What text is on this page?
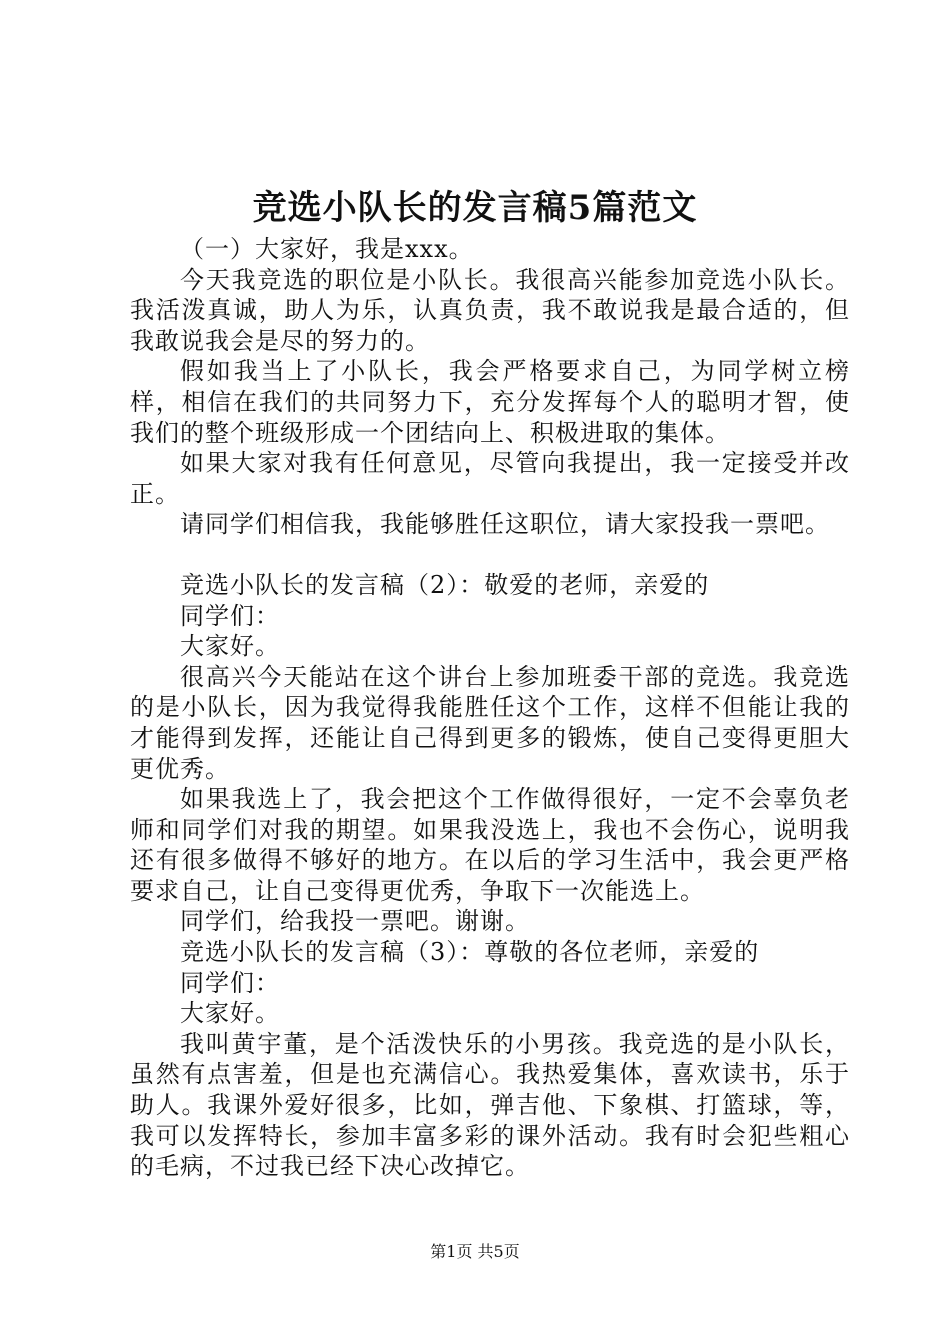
竞选小队长的发言稿5篇范文

（一）大家好，我是xxx。

今天我竞选的职位是小队长。我很高兴能参加竞选小队长。我活泼真诚，助人为乐，认真负责，我不敢说我是最合适的，但我敢说我会是尽的努力的。

假如我当上了小队长，我会严格要求自己，为同学树立榜样，相信在我们的共同努力下，充分发挥每个人的聪明才智，使我们的整个班级形成一个团结向上、积极进取的集体。

如果大家对我有任何意见，尽管向我提出，我一定接受并改正。

请同学们相信我，我能够胜任这职位，请大家投我一票吧。

竞选小队长的发言稿（2）：敬爱的老师，亲爱的

同学们：

大家好。

很高兴今天能站在这个讲台上参加班委干部的竞选。我竞选的是小队长，因为我觉得我能胜任这个工作，这样不但能让我的才能得到发挥，还能让自己得到更多的锻炼，使自己变得更胆大更优秀。

如果我选上了，我会把这个工作做得很好，一定不会辜负老师和同学们对我的期望。如果我没选上，我也不会伤心，说明我还有很多做得不够好的地方。在以后的学习生活中，我会更严格要求自己，让自己变得更优秀，争取下一次能选上。

同学们，给我投一票吧。谢谢。

竞选小队长的发言稿（3）：尊敬的各位老师，亲爱的

同学们：

大家好。

我叫黄宇董，是个活泼快乐的小男孩。我竞选的是小队长，虽然有点害羞，但是也充满信心。我热爱集体，喜欢读书，乐于助人。我课外爱好很多，比如，弹吉他、下象棋、打篮球，等，我可以发挥特长，参加丰富多彩的课外活动。我有时会犯些粗心的毛病，不过我已经下决心改掉它。

第1页 共5页
